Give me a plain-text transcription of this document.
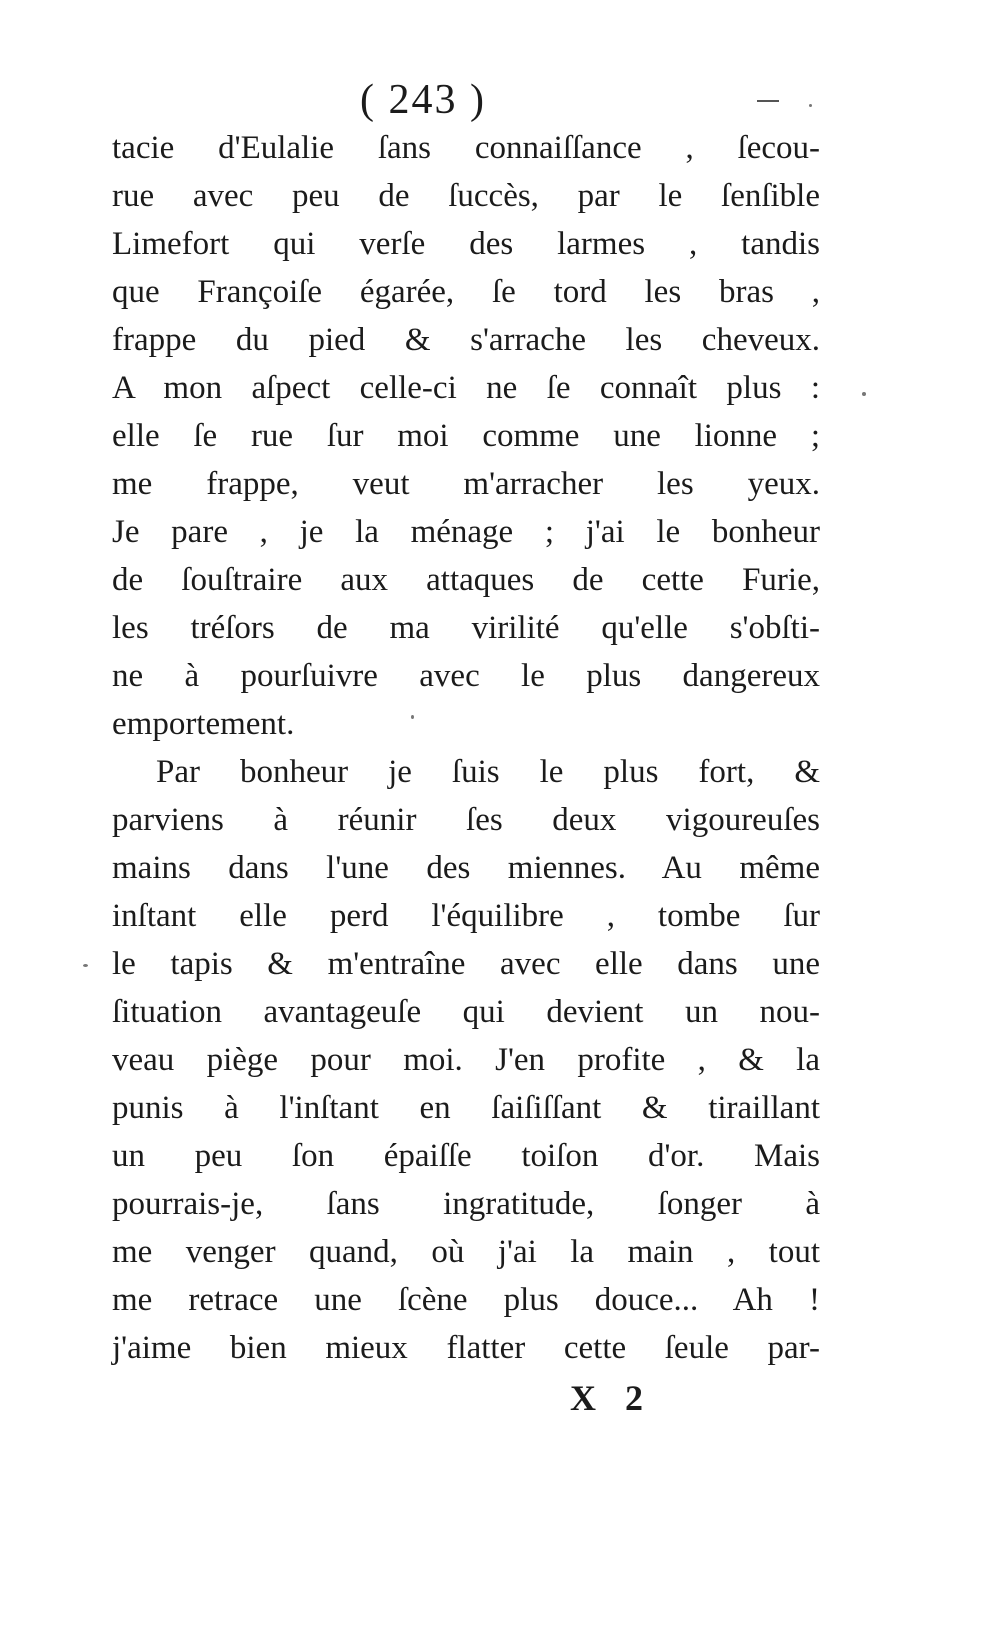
( 243 )
tacie d'Eulalie ſans connaiſſance , ſecou-
rue avec peu de ſuccès, par le ſenſible
Limefort qui verſe des larmes , tandis
que Françoiſe égarée, ſe tord les bras ,
frappe du pied & s'arrache les cheveux.
A mon aſpect celle-ci ne ſe connaît plus :
elle ſe rue ſur moi comme une lionne ;
me frappe, veut m'arracher les yeux.
Je pare , je la ménage ; j'ai le bonheur
de ſouſtraire aux attaques de cette Furie,
les tréſors de ma virilité qu'elle s'obſti-
ne à pourſuivre avec le plus dangereux
emportement.
Par bonheur je ſuis le plus fort, &
parviens à réunir ſes deux vigoureuſes
mains dans l'une des miennes. Au même
inſtant elle perd l'équilibre , tombe ſur
le tapis & m'entraîne avec elle dans une
ſituation avantageuſe qui devient un nou-
veau piège pour moi. J'en profite , & la
punis à l'inſtant en ſaiſiſſant & tiraillant
un peu ſon épaiſſe toiſon d'or. Mais
pourrais-je, ſans ingratitude, ſonger à
me venger quand, où j'ai la main , tout
me retrace une ſcène plus douce... Ah !
j'aime bien mieux flatter cette ſeule par-
X 2
